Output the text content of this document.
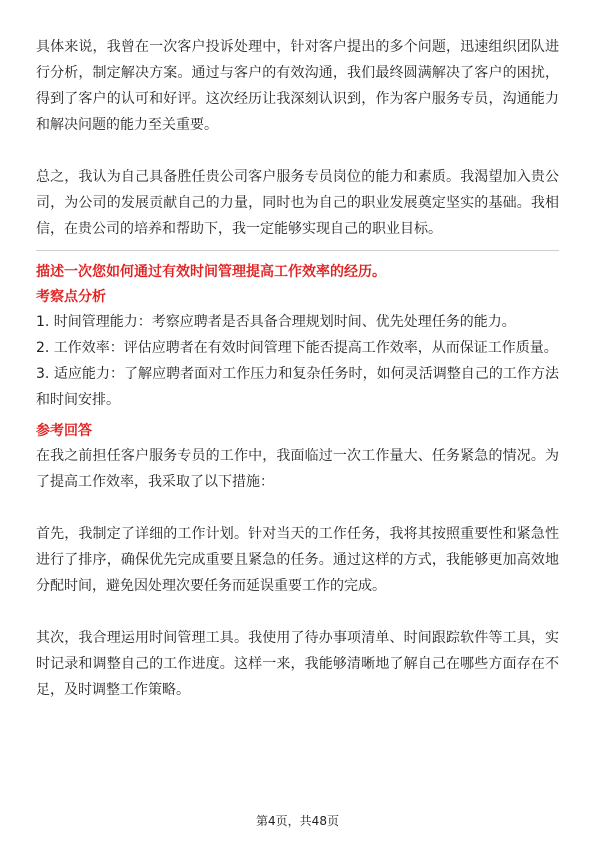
具体来说，我曾在一次客户投诉处理中，针对客户提出的多个问题，迅速组织团队进行分析，制定解决方案。通过与客户的有效沟通，我们最终圆满解决了客户的困扰，得到了客户的认可和好评。这次经历让我深刻认识到，作为客户服务专员，沟通能力和解决问题的能力至关重要。

总之，我认为自己具备胜任贵公司客户服务专员岗位的能力和素质。我渴望加入贵公司，为公司的发展贡献自己的力量，同时也为自己的职业发展奠定坚实的基础。我相信，在贵公司的培养和帮助下，我一定能够实现自己的职业目标。

描述一次您如何通过有效时间管理提高工作效率的经历。

考察点分析

1. 时间管理能力：考察应聘者是否具备合理规划时间、优先处理任务的能力。

2. 工作效率：评估应聘者在有效时间管理下能否提高工作效率，从而保证工作质量。

3. 适应能力：了解应聘者面对工作压力和复杂任务时，如何灵活调整自己的工作方法和时间安排。

参考回答

在我之前担任客户服务专员的工作中，我面临过一次工作量大、任务紧急的情况。为了提高工作效率，我采取了以下措施：

首先，我制定了详细的工作计划。针对当天的工作任务，我将其按照重要性和紧急性进行了排序，确保优先完成重要且紧急的任务。通过这样的方式，我能够更加高效地分配时间，避免因处理次要任务而延误重要工作的完成。

其次，我合理运用时间管理工具。我使用了待办事项清单、时间跟踪软件等工具，实时记录和调整自己的工作进度。这样一来，我能够清晰地了解自己在哪些方面存在不足，及时调整工作策略。

第4页，共48页
